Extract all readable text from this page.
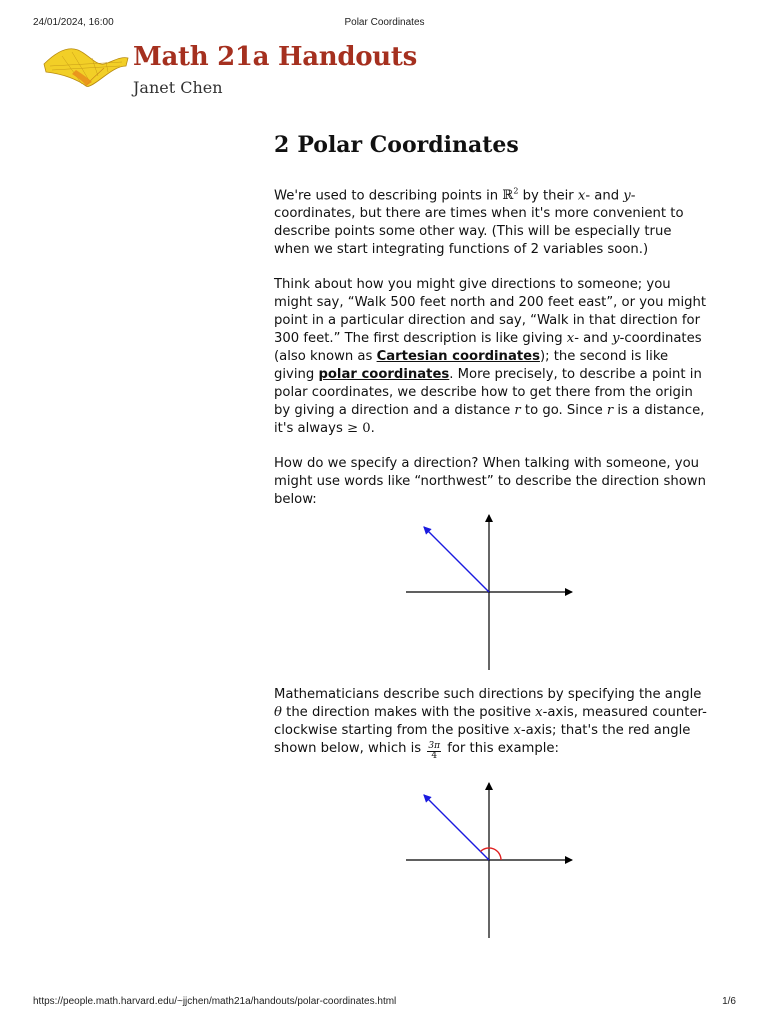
24/01/2024, 16:00	Polar Coordinates
Math 21a Handouts

Janet Chen

2 Polar Coordinates

We're used to describing points in ℝ$^2$ by their x- and y-coordinates, but there are times when it's more convenient to describe points some other way. (This will be especially true when we start integrating functions of 2 variables soon.)

Think about how you might give directions to someone; you might say, “Walk 500 feet north and 200 feet east”, or you might point in a particular direction and say, “Walk in that direction for 300 feet.” The first description is like giving x- and y-coordinates (also known as Cartesian coordinates); the second is like giving polar coordinates. More precisely, to describe a point in polar coordinates, we describe how to get there from the origin by giving a direction and a distance r to go. Since r is a distance, it's always ≥ 0.

How do we specify a direction? When talking with someone, you might use words like “northwest” to describe the direction shown below:

Mathematicians describe such directions by specifying the angle θ the direction makes with the positive x-axis, measured counter-clockwise starting from the positive x-axis; that's the red angle shown below, which is $\frac{3\pi}{4}$ for this example:

https://people.math.harvard.edu/~jjchen/math21a/handouts/polar-coordinates.html	1/6
